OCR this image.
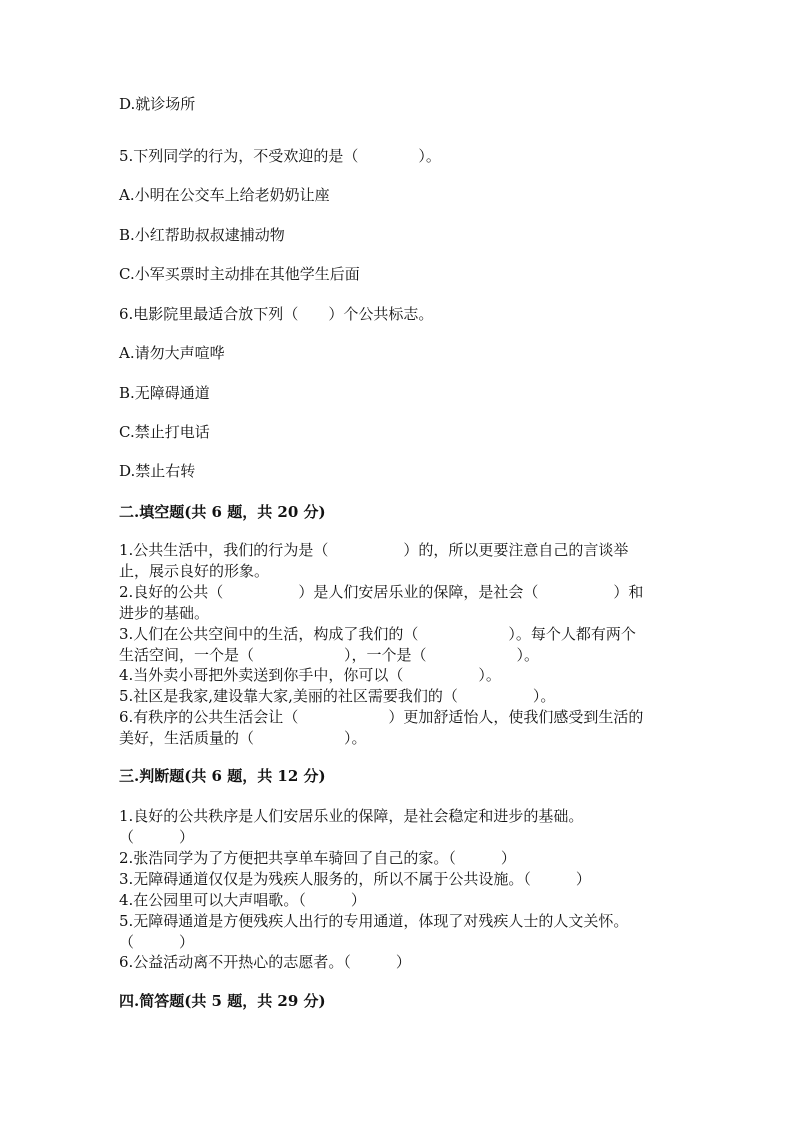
D.就诊场所
5.下列同学的行为，不受欢迎的是（　　　　）。
A.小明在公交车上给老奶奶让座
B.小红帮助叔叔逮捕动物
C.小军买票时主动排在其他学生后面
6.电影院里最适合放下列（　　）个公共标志。
A.请勿大声喧哗
B.无障碍通道
C.禁止打电话
D.禁止右转
二.填空题(共 6 题，共 20 分)
1.公共生活中，我们的行为是（　　　　　）的，所以更要注意自己的言谈举
止，展示良好的形象。
2.良好的公共（　　　　　）是人们安居乐业的保障，是社会（　　　　　）和
进步的基础。
3.人们在公共空间中的生活，构成了我们的（　　　　　　）。每个人都有两个
生活空间，一个是（　　　　　　），一个是（　　　　　　）。
4.当外卖小哥把外卖送到你手中，你可以（　　　　　）。
5.社区是我家,建设靠大家,美丽的社区需要我们的（　　　　　）。
6.有秩序的公共生活会让（　　　　　　）更加舒适怡人，使我们感受到生活的
美好，生活质量的（　　　　　　）。
三.判断题(共 6 题，共 12 分)
1.良好的公共秩序是人们安居乐业的保障，是社会稳定和进步的基础。
（　　　）
2.张浩同学为了方便把共享单车骑回了自己的家。（　　　）
3.无障碍通道仅仅是为残疾人服务的，所以不属于公共设施。（　　　）
4.在公园里可以大声唱歌。（　　　）
5.无障碍通道是方便残疾人出行的专用通道，体现了对残疾人士的人文关怀。
（　　　）
6.公益活动离不开热心的志愿者。（　　　）
四.简答题(共 5 题，共 29 分)
